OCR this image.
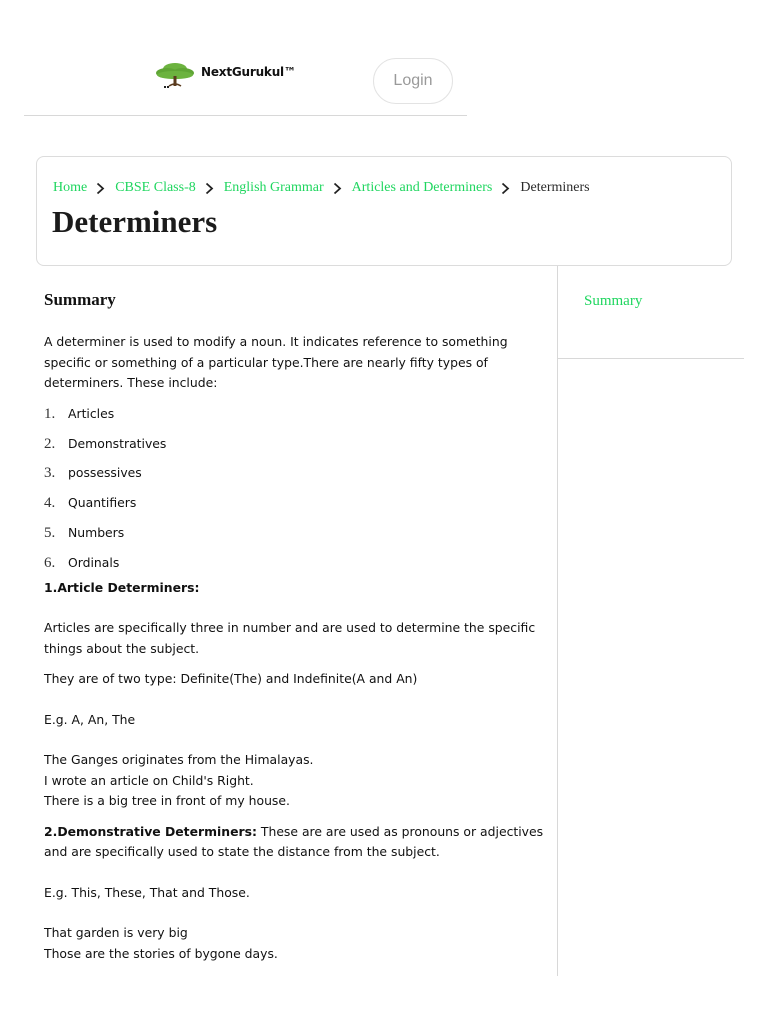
Next‬Gurukul™	Login
Home CBSE Class-8 English Grammar Articles and Determiners Determiners
Determiners
Summary
Summary

A determiner is used to modify a noun. It indicates reference to something specific or something of a particular type.There are nearly fifty types of determiners. These include:

1.	Articles
2.	Demonstratives
3.	possessives
4.	Quantifiers
5.	Numbers
6.	Ordinals

1.Article Determiners:

Articles are specifically three in number and are used to determine the specific things about the subject.

They are of two type: Definite(The) and Indefinite(A and An)

E.g. A, An, The

The Ganges originates from the Himalayas.

I wrote an article on Child's Right.

There is a big tree in front of my house.

2.Demonstrative Determiners: These are are used as pronouns or adjectives and are specifically used to state the distance from the subject.

E.g. This, These, That and Those.

That garden is very big

Those are the stories of bygone days.
